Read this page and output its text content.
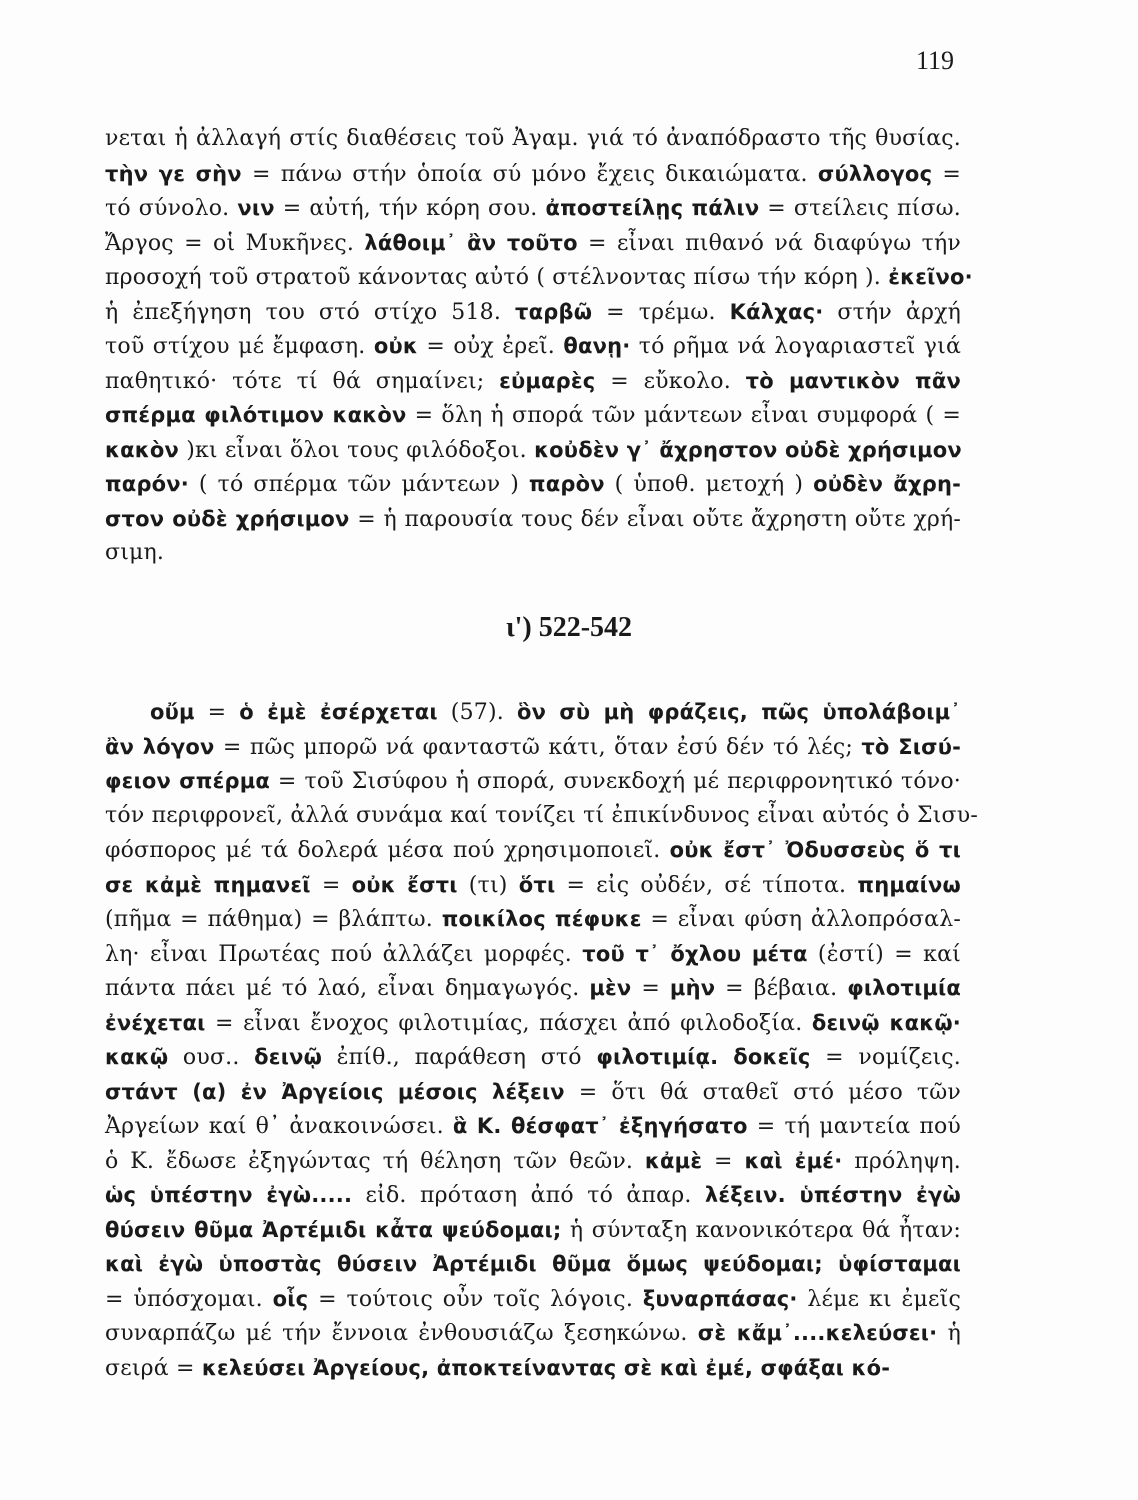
119
νεται ἡ ἀλλαγή στίς διαθέσεις τοῦ Ἀγαμ. γιά τό ἀναπόδραστο τῆς θυσίας.
τὴν γε σὴν = πάνω στήν ὁποία σύ μόνο ἔχεις δικαιώματα. σύλλογος =
τό σύνολο. νιν = αὐτή, τήν κόρη σου. ἀποστείλῃς πάλιν = στείλεις πίσω.
Ἄργος = οἱ Μυκῆνες. λάθοιμ᾽ ἂν τοῦτο = εἶναι πιθανό νά διαφύγω τήν
προσοχή τοῦ στρατοῦ κάνοντας αὐτό ( στέλνοντας πίσω τήν κόρη ). ἐκεῖνο·
ἡ ἐπεξήγηση του στό στίχο 518. ταρβῶ = τρέμω. Κάλχας· στήν ἀρχή
τοῦ στίχου μέ ἔμφαση. οὐκ = οὐχ ἐρεῖ. θανῃ· τό ρῆμα νά λογαριαστεῖ γιά
παθητικό· τότε τί θά σημαίνει; εὐμαρὲς = εὔκολο. τὸ μαντικὸν πᾶν
σπέρμα φιλότιμον κακὸν = ὅλη ἡ σπορά τῶν μάντεων εἶναι συμφορά ( =
κακὸν )κι εἶναι ὅλοι τους φιλόδοξοι. κοὐδὲν γ᾽ ἄχρηστον οὐδὲ χρήσιμον
παρόν· ( τό σπέρμα τῶν μάντεων ) παρὸν ( ὑποθ. μετοχή ) οὐδὲν ἄχρη-
στον οὐδὲ χρήσιμον = ἡ παρουσία τους δέν εἶναι οὔτε ἄχρηστη οὔτε χρή-
σιμη.
ι') 522-542
οὔμ = ὁ ἐμὲ ἐσέρχεται (57). ὃν σὺ μὴ φράζεις, πῶς ὑπολάβοιμ᾽
ἂν λόγον = πῶς μπορῶ νά φανταστῶ κάτι, ὅταν ἐσύ δέν τό λές; τὸ Σισύ-
φειον σπέρμα = τοῦ Σισύφου ἡ σπορά, συνεκδοχή μέ περιφρονητικό τόνο·
τόν περιφρονεῖ, ἀλλά συνάμα καί τονίζει τί ἐπικίνδυνος εἶναι αὐτός ὁ Σισυ-
φόσπορος μέ τά δολερά μέσα πού χρησιμοποιεῖ. οὐκ ἔστ᾽ Ὀδυσσεὺς ὅ τι
σε κἀμὲ πημανεῖ = οὐκ ἔστι (τι) ὅτι = εἰς οὐδέν, σέ τίποτα. πημαίνω
(πῆμα = πάθημα) = βλάπτω. ποικίλος πέφυκε = εἶναι φύση ἀλλοπρόσαλ-
λη· εἶναι Πρωτέας πού ἀλλάζει μορφές. τοῦ τ᾽ ὄχλου μέτα (ἐστί) = καί
πάντα πάει μέ τό λαό, εἶναι δημαγωγός. μὲν = μὴν = βέβαια. φιλοτιμία
ἐνέχεται = εἶναι ἔνοχος φιλοτιμίας, πάσχει ἀπό φιλοδοξία. δεινῷ κακῷ·
κακῷ ουσ.. δεινῷ ἐπίθ., παράθεση στό φιλοτιμίᾳ. δοκεῖς = νομίζεις.
στάντ (α) ἐν Ἀργείοις μέσοις λέξειν = ὅτι θά σταθεῖ στό μέσο τῶν
Ἀργείων καί θ᾽ ἀνακοινώσει. ἃ Κ. θέσφατ᾽ ἐξηγήσατο = τή μαντεία πού
ὁ Κ. ἔδωσε ἐξηγώντας τή θέληση τῶν θεῶν. κἀμὲ = καὶ ἐμέ· πρόληψη.
ὡς ὑπέστην ἐγὼ..... εἰδ. πρόταση ἀπό τό ἀπαρ. λέξειν. ὑπέστην ἐγὼ
θύσειν θῦμα Ἀρτέμιδι κἆτα ψεύδομαι; ἡ σύνταξη κανονικότερα θά ἦταν:
καὶ ἐγὼ ὑποστὰς θύσειν Ἀρτέμιδι θῦμα ὅμως ψεύδομαι; ὑφίσταμαι
= ὑπόσχομαι. οἷς = τούτοις οὖν τοῖς λόγοις. ξυναρπάσας· λέμε κι ἐμεῖς
συναρπάζω μέ τήν ἔννοια ἐνθουσιάζω ξεσηκώνω. σὲ κἄμ᾽....κελεύσει· ἡ
σειρά = κελεύσει Ἀργείους, ἀποκτείναντας σὲ καὶ ἐμέ, σφάξαι κό-
